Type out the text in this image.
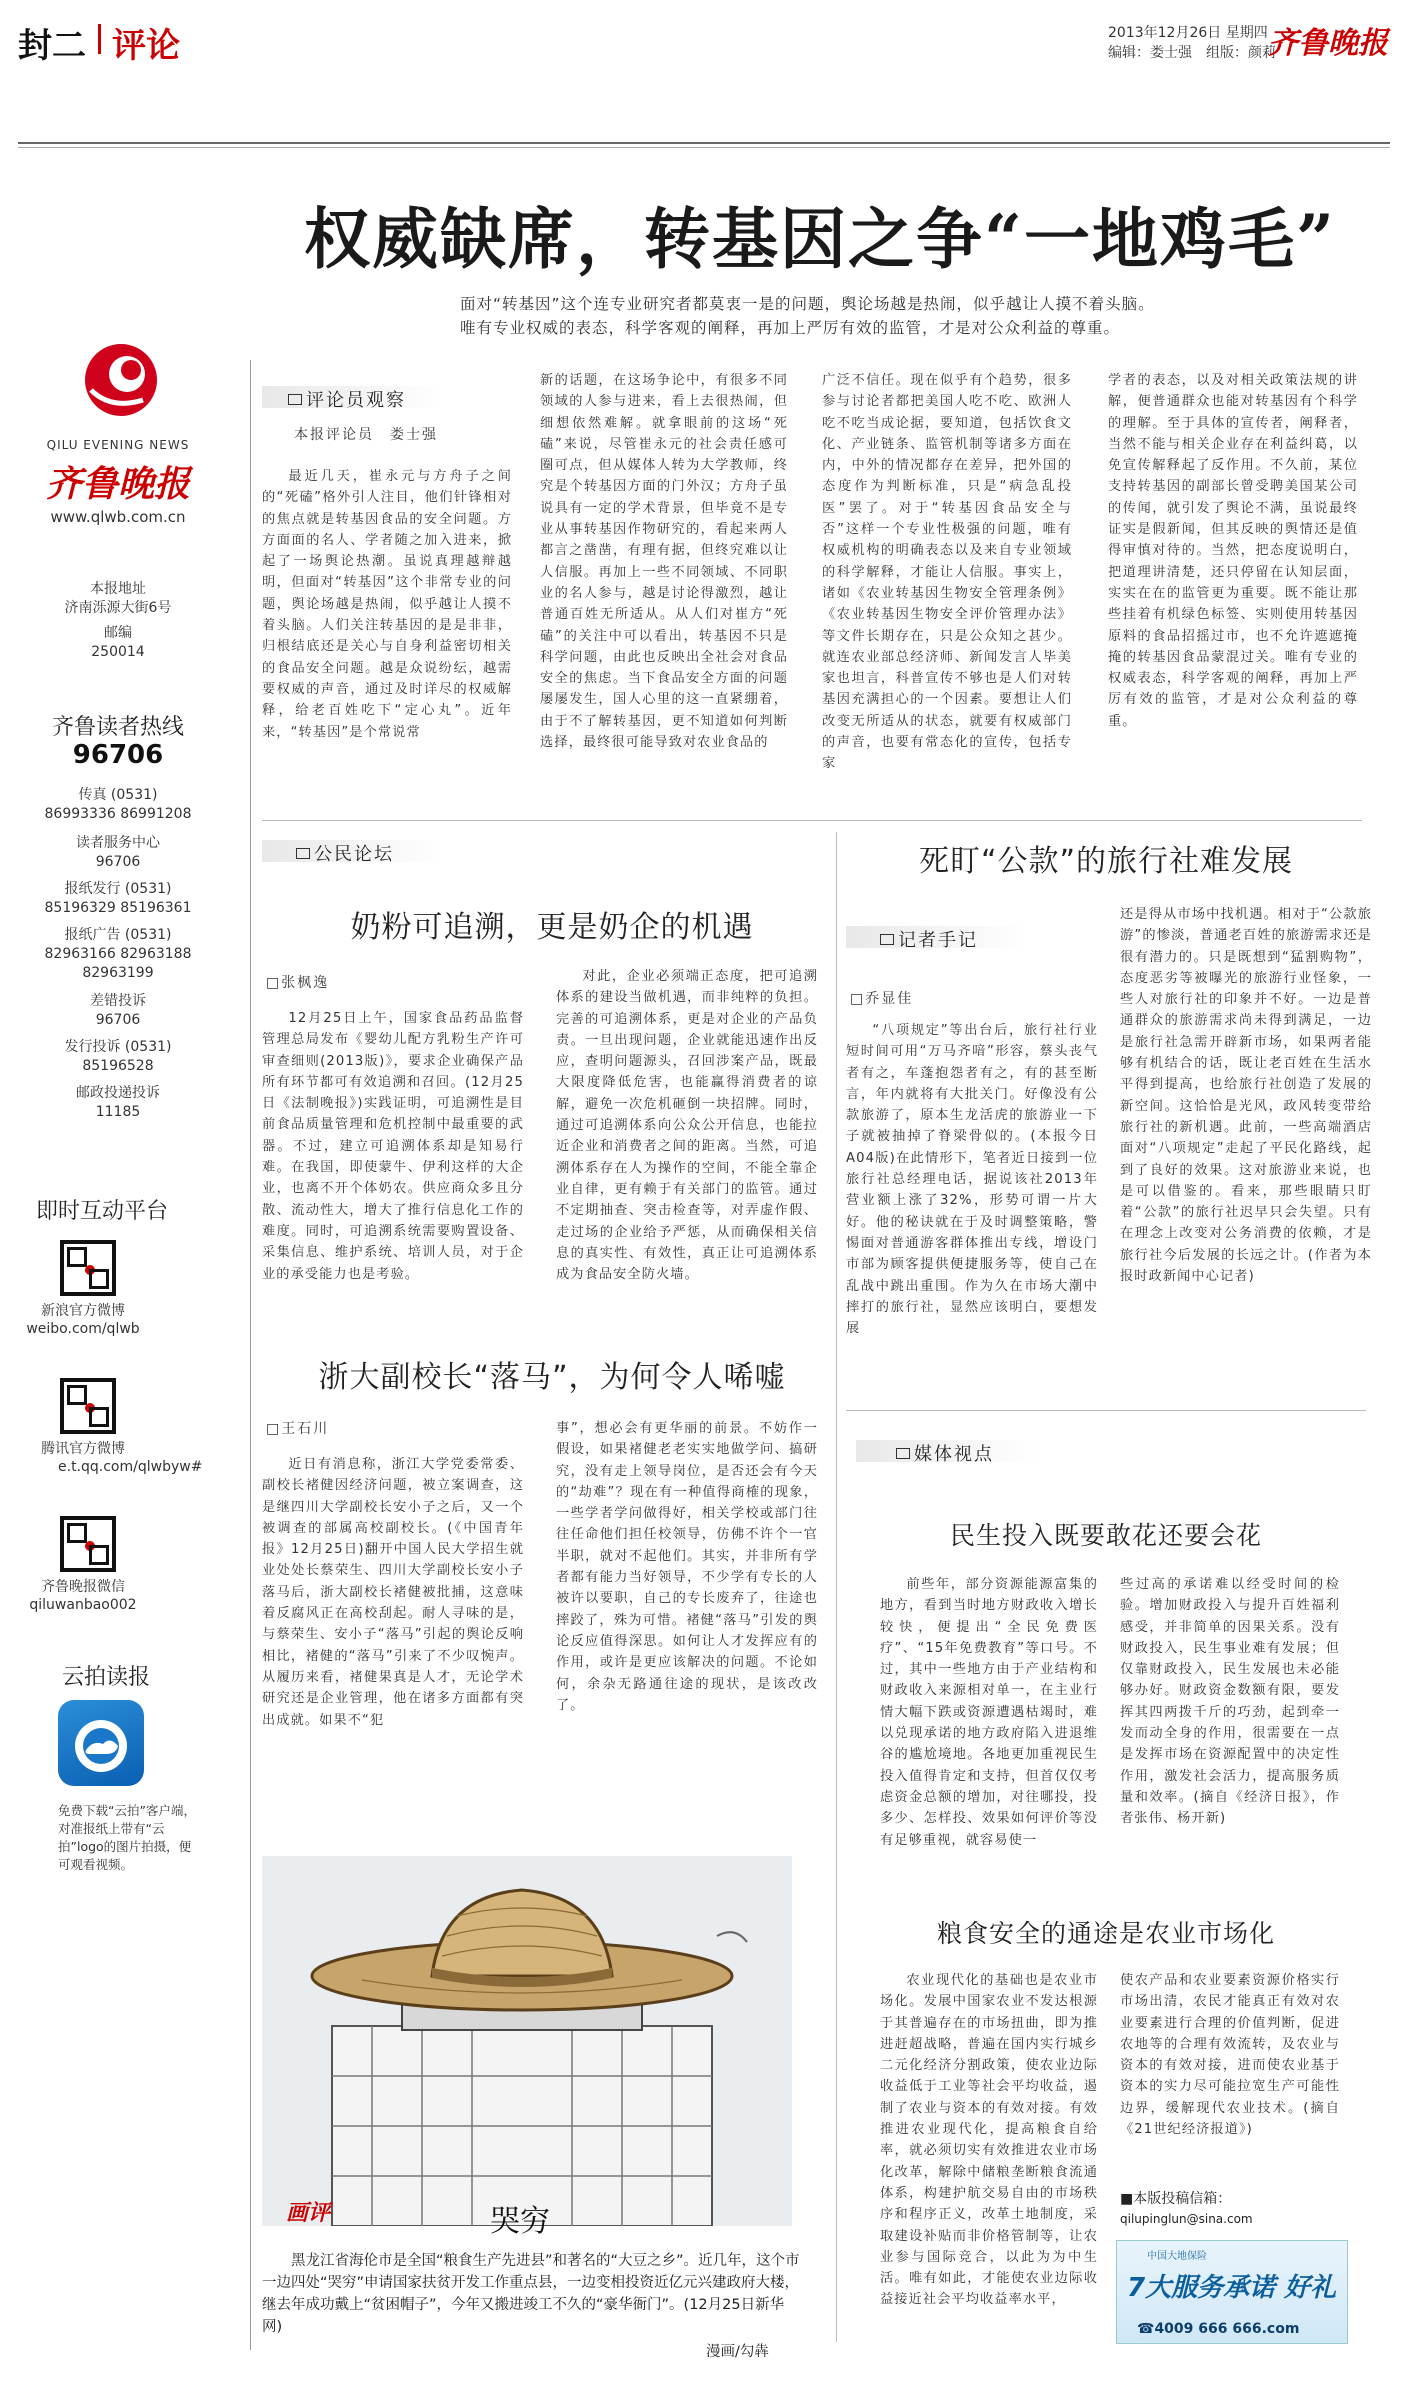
封二 评论	2013年12月26日 星期四
编辑：娄士强　组版：颜莉
齐鲁晚报
QILU EVENING NEWS
齐鲁晚报
www.qlwb.com.cn
本报地址
济南泺源大街6号
邮编
250014
齐鲁读者热线
96706
传真 (0531)
86993336 86991208
读者服务中心
96706
报纸发行 (0531)
85196329 85196361
报纸广告 (0531)
82963166 82963188
82963199
差错投诉
96706
发行投诉 (0531)
85196528
邮政投递投诉
11185
即时互动平台
新浪官方微博
weibo.com/qlwb
腾讯官方微博
e.t.qq.com/qlwbyw#
齐鲁晚报微信
qiluwanbao002
云拍读报
免费下载“云拍”客户端，对准报纸上带有“云拍”logo的图片拍摄，便可观看视频。
权威缺席，转基因之争“一地鸡毛”
面对“转基因”这个连专业研究者都莫衷一是的问题，舆论场越是热闹，似乎越让人摸不着头脑。唯有专业权威的表态，科学客观的阐释，再加上严厉有效的监管，才是对公众利益的尊重。
评论员观察
本报评论员　娄士强

最近几天，崔永元与方舟子之间的“死磕”格外引人注目，他们针锋相对的焦点就是转基因食品的安全问题。方方面面的名人、学者随之加入进来，掀起了一场舆论热潮。虽说真理越辩越明，但面对“转基因”这个非常专业的问题，舆论场越是热闹，似乎越让人摸不着头脑。人们关注转基因的是是非非，归根结底还是关心与自身利益密切相关的食品安全问题。越是众说纷纭，越需要权威的声音，通过及时详尽的权威解释，给老百姓吃下“定心丸”。近年来，“转基因”是个常说常

新的话题，在这场争论中，有很多不同领域的人参与进来，看上去很热闹，但细想依然难解。就拿眼前的这场“死磕”来说，尽管崔永元的社会责任感可圈可点，但从媒体人转为大学教师，终究是个转基因方面的门外汉；方舟子虽说具有一定的学术背景，但毕竟不是专业从事转基因作物研究的，看起来两人都言之凿凿，有理有据，但终究难以让人信服。再加上一些不同领域、不同职业的名人参与，越是讨论得激烈，越让普通百姓无所适从。从人们对崔方“死磕”的关注中可以看出，转基因不只是科学问题，由此也反映出全社会对食品安全的焦虑。当下食品安全方面的问题屡屡发生，国人心里的这一直紧绷着，由于不了解转基因，更不知道如何判断选择，最终很可能导致对农业食品的

广泛不信任。现在似乎有个趋势，很多参与讨论者都把美国人吃不吃、欧洲人吃不吃当成论据，要知道，包括饮食文化、产业链条、监管机制等诸多方面在内，中外的情况都存在差异，把外国的态度作为判断标准，只是“病急乱投医”罢了。对于“转基因食品安全与否”这样一个专业性极强的问题，唯有权威机构的明确表态以及来自专业领域的科学解释，才能让人信服。事实上，诸如《农业转基因生物安全管理条例》《农业转基因生物安全评价管理办法》等文件长期存在，只是公众知之甚少。就连农业部总经济师、新闻发言人毕美家也坦言，科普宣传不够也是人们对转基因充满担心的一个因素。要想让人们改变无所适从的状态，就要有权威部门的声音，也要有常态化的宣传，包括专家

学者的表态，以及对相关政策法规的讲解，便普通群众也能对转基因有个科学的理解。至于具体的宣传者，阐释者，当然不能与相关企业存在利益纠葛，以免宣传解释起了反作用。不久前，某位支持转基因的副部长曾受聘美国某公司的传闻，就引发了舆论不满，虽说最终证实是假新闻，但其反映的舆情还是值得审慎对待的。当然，把态度说明白，把道理讲清楚，还只停留在认知层面，实实在在的监管更为重要。既不能让那些挂着有机绿色标签、实则使用转基因原料的食品招摇过市，也不允许遮遮掩掩的转基因食品蒙混过关。唯有专业的权威表态，科学客观的阐释，再加上严厉有效的监管，才是对公众利益的尊重。

公民论坛
奶粉可追溯，更是奶企的机遇
□张枫逸

12月25日上午，国家食品药品监督管理总局发布《婴幼儿配方乳粉生产许可审查细则(2013版)》，要求企业确保产品所有环节都可有效追溯和召回。(12月25日《法制晚报》)实践证明，可追溯性是目前食品质量管理和危机控制中最重要的武器。不过，建立可追溯体系却是知易行难。在我国，即使蒙牛、伊利这样的大企业，也离不开个体奶农。供应商众多且分散、流动性大，增大了推行信息化工作的难度。同时，可追溯系统需要购置设备、采集信息、维护系统、培训人员，对于企业的承受能力也是考验。

对此，企业必须端正态度，把可追溯体系的建设当做机遇，而非纯粹的负担。完善的可追溯体系，更是对企业的产品负责。一旦出现问题，企业就能迅速作出反应，查明问题源头，召回涉案产品，既最大限度降低危害，也能赢得消费者的谅解，避免一次危机砸倒一块招牌。同时，通过可追溯体系向公众公开信息，也能拉近企业和消费者之间的距离。当然，可追溯体系存在人为操作的空间，不能全靠企业自律，更有赖于有关部门的监管。通过不定期抽查、突击检查等，对弄虚作假、走过场的企业给予严惩，从而确保相关信息的真实性、有效性，真正让可追溯体系成为食品安全防火墙。

浙大副校长“落马”，为何令人唏嘘
□王石川

近日有消息称，浙江大学党委常委、副校长褚健因经济问题，被立案调查，这是继四川大学副校长安小子之后，又一个被调查的部属高校副校长。(《中国青年报》12月25日)翻开中国人民大学招生就业处处长蔡荣生、四川大学副校长安小子落马后，浙大副校长褚健被批捕，这意味着反腐风正在高校刮起。耐人寻味的是，与蔡荣生、安小子“落马”引起的舆论反响相比，褚健的“落马”引来了不少叹惋声。从履历来看，褚健果真是人才，无论学术研究还是企业管理，他在诸多方面都有突出成就。如果不“犯

事”，想必会有更华丽的前景。不妨作一假设，如果褚健老老实实地做学问、搞研究，没有走上领导岗位，是否还会有今天的“劫难”？现在有一种值得商榷的现象，一些学者学问做得好，相关学校或部门往往任命他们担任校领导，仿佛不许个一官半职，就对不起他们。其实，并非所有学者都有能力当好领导，不少学有专长的人被许以要职，自己的专长废弃了，往途也摔跤了，殊为可惜。褚健“落马”引发的舆论反应值得深思。如何让人才发挥应有的作用，或许是更应该解决的问题。不论如何，余杂无路通往途的现状，是该改改了。

画评	哭穷
黑龙江省海伦市是全国“粮食生产先进县”和著名的“大豆之乡”。近几年，这个市一边四处“哭穷”申请国家扶贫开发工作重点县，一边变相投资近亿元兴建政府大楼，继去年成功戴上“贫困帽子”，今年又搬进竣工不久的“豪华衙门”。(12月25日新华网)
漫画/勾犇
死盯“公款”的旅行社难发展
记者手记
□乔显佳

“八项规定”等出台后，旅行社行业短时间可用“万马齐喑”形容，蔡头丧气者有之，车蓬抱怨者有之，有的甚至断言，年内就将有大批关门。好像没有公款旅游了，原本生龙活虎的旅游业一下子就被抽掉了脊梁骨似的。(本报今日A04版)在此情形下，笔者近日接到一位旅行社总经理电话，据说该社2013年营业额上涨了32%，形势可谓一片大好。他的秘诀就在于及时调整策略，警惕面对普通游客群体推出专线，增设门市部为顾客提供便捷服务等，使自己在乱战中跳出重围。作为久在市场大潮中摔打的旅行社，显然应该明白，要想发展

还是得从市场中找机遇。相对于“公款旅游”的惨淡，普通老百姓的旅游需求还是很有潜力的。只是既想到“猛割购物”，态度恶劣等被曝光的旅游行业怪象，一些人对旅行社的印象并不好。一边是普通群众的旅游需求尚未得到满足，一边是旅行社急需开辟新市场，如果两者能够有机结合的话，既让老百姓在生活水平得到提高，也给旅行社创造了发展的新空间。这恰恰是光风，政风转变带给旅行社的新机遇。此前，一些高端酒店面对“八项规定”走起了平民化路线，起到了良好的效果。这对旅游业来说，也是可以借鉴的。看来，那些眼睛只盯着“公款”的旅行社迟早只会失望。只有在理念上改变对公务消费的依赖，才是旅行社今后发展的长远之计。(作者为本报时政新闻中心记者)

媒体视点
民生投入既要敢花还要会花

前些年，部分资源能源富集的地方，看到当时地方财政收入增长较快，便提出“全民免费医疗”、“15年免费教育”等口号。不过，其中一些地方由于产业结构和财政收入来源相对单一，在主业行情大幅下跌或资源遭遇枯竭时，难以兑现承诺的地方政府陷入进退维谷的尴尬境地。各地更加重视民生投入值得肯定和支持，但首仅仅考虑资金总额的增加，对往哪投，投多少、怎样投、效果如何评价等没有足够重视，就容易使一

些过高的承诺难以经受时间的检验。增加财政投入与提升百姓福利感受，并非简单的因果关系。没有财政投入，民生事业难有发展；但仅靠财政投入，民生发展也未必能够办好。财政资金数额有限，要发挥其四两拨千斤的巧劲，起到牵一发而动全身的作用，很需要在一点是发挥市场在资源配置中的决定性作用，激发社会活力，提高服务质量和效率。(摘自《经济日报》，作者张伟、杨开新)

粮食安全的通途是农业市场化

农业现代化的基础也是农业市场化。发展中国家农业不发达根源于其普遍存在的市场扭曲，即为推进赶超战略，普遍在国内实行城乡二元化经济分割政策，使农业边际收益低于工业等社会平均收益，遏制了农业与资本的有效对接。有效推进农业现代化，提高粮食自给率，就必须切实有效推进农业市场化改革，解除中储粮垄断粮食流通体系，构建护航交易自由的市场秩序和程序正义，改革土地制度，采取建设补贴而非价格管制等，让农业参与国际竞合，以此为为中生活。唯有如此，才能使农业边际收益接近社会平均收益率水平，

使农产品和农业要素资源价格实行市场出清，农民才能真正有效对农业要素进行合理的价值判断，促进农地等的合理有效流转，及农业与资本的有效对接，进而使农业基于资本的实力尽可能拉宽生产可能性边界，缓解现代农业技术。(摘自《21世纪经济报道》)

■本版投稿信箱：
qilupinglun@sina.com
中国大地保险
7大服务承诺 好礼
☎4009 666 666.com
